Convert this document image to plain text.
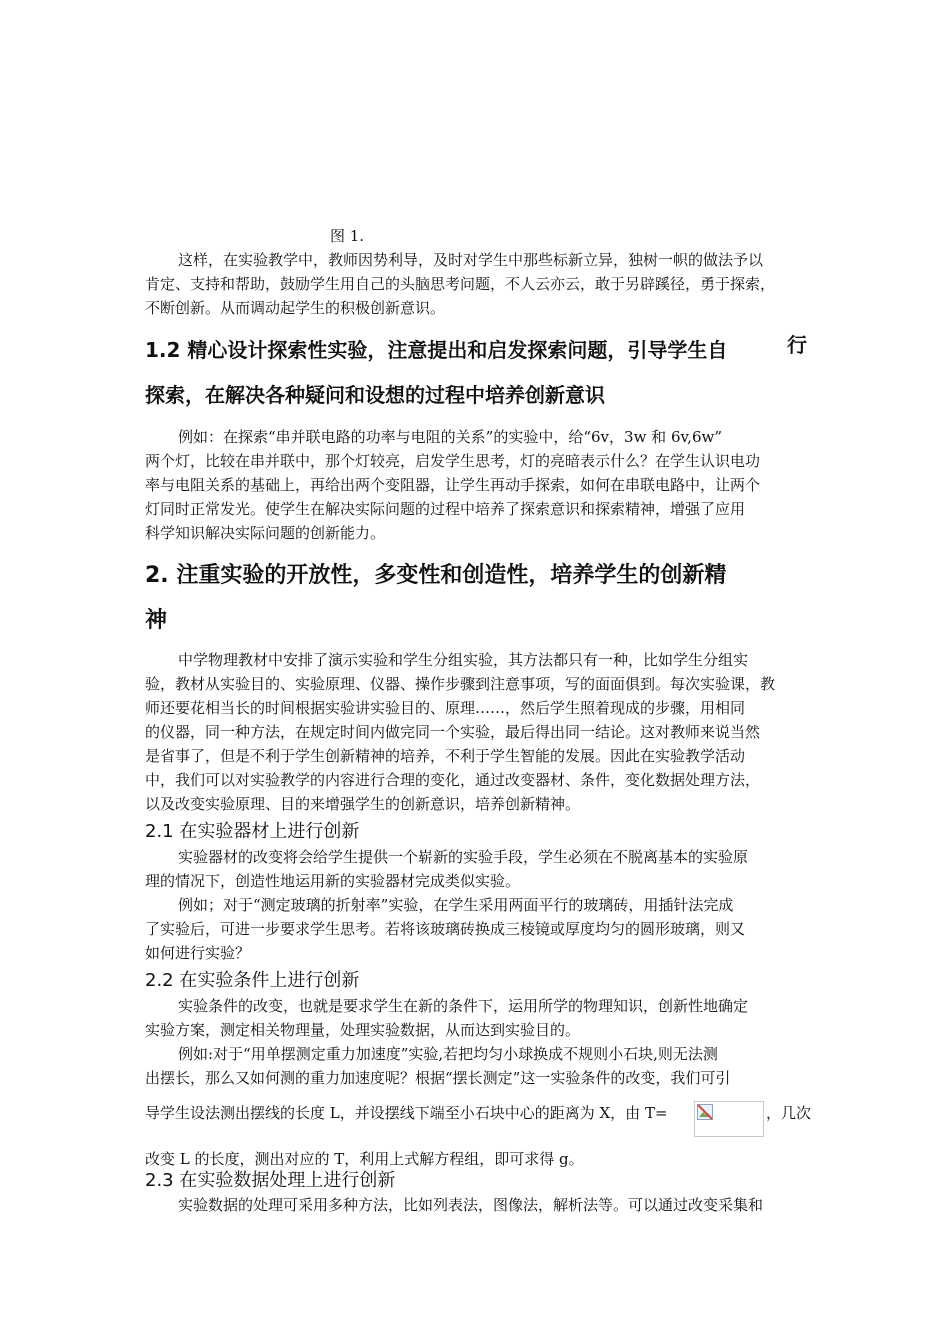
图 1.
这样，在实验教学中，教师因势利导，及时对学生中那些标新立异，独树一帜的做法予以
肯定、支持和帮助，鼓励学生用自己的头脑思考问题，不人云亦云，敢于另辟蹊径，勇于探索，
不断创新。从而调动起学生的积极创新意识。
1.2 精心设计探索性实验，注意提出和启发探索问题，引导学生自	行
探索，在解决各种疑问和设想的过程中培养创新意识
例如：在探索“串并联电路的功率与电阻的关系”的实验中，给“6v，3w 和 6v,6w”
两个灯，比较在串并联中，那个灯较亮，启发学生思考，灯的亮暗表示什么？在学生认识电功
率与电阻关系的基础上，再给出两个变阻器，让学生再动手探索，如何在串联电路中，让两个
灯同时正常发光。使学生在解决实际问题的过程中培养了探索意识和探索精神，增强了应用
科学知识解决实际问题的创新能力。
2. 注重实验的开放性，多变性和创造性，培养学生的创新精
神
中学物理教材中安排了演示实验和学生分组实验，其方法都只有一种，比如学生分组实
验，教材从实验目的、实验原理、仪器、操作步骤到注意事项，写的面面俱到。每次实验课，教
师还要花相当长的时间根据实验讲实验目的、原理……，然后学生照着现成的步骤，用相同
的仪器，同一种方法，在规定时间内做完同一个实验，最后得出同一结论。这对教师来说当然
是省事了，但是不利于学生创新精神的培养，不利于学生智能的发展。因此在实验教学活动
中，我们可以对实验教学的内容进行合理的变化，通过改变器材、条件，变化数据处理方法，
以及改变实验原理、目的来增强学生的创新意识，培养创新精神。
2.1 在实验器材上进行创新
实验器材的改变将会给学生提供一个崭新的实验手段，学生必须在不脱离基本的实验原
理的情况下，创造性地运用新的实验器材完成类似实验。
例如；对于“测定玻璃的折射率”实验，在学生采用两面平行的玻璃砖，用插针法完成
了实验后，可进一步要求学生思考。若将该玻璃砖换成三棱镜或厚度均匀的圆形玻璃，则又
如何进行实验？
2.2 在实验条件上进行创新
实验条件的改变，也就是要求学生在新的条件下，运用所学的物理知识，创新性地确定
实验方案，测定相关物理量，处理实验数据，从而达到实验目的。
例如:对于“用单摆测定重力加速度”实验,若把均匀小球换成不规则小石块,则无法测
出摆长，那么又如何测的重力加速度呢？根据“摆长测定”这一实验条件的改变，我们可引
导学生设法测出摆线的长度 L，并设摆线下端至小石块中心的距离为 X，由 T=	，几次
改变 L 的长度，测出对应的 T，利用上式解方程组，即可求得 g。
2.3 在实验数据处理上进行创新
实验数据的处理可采用多种方法，比如列表法，图像法，解析法等。可以通过改变采集和
